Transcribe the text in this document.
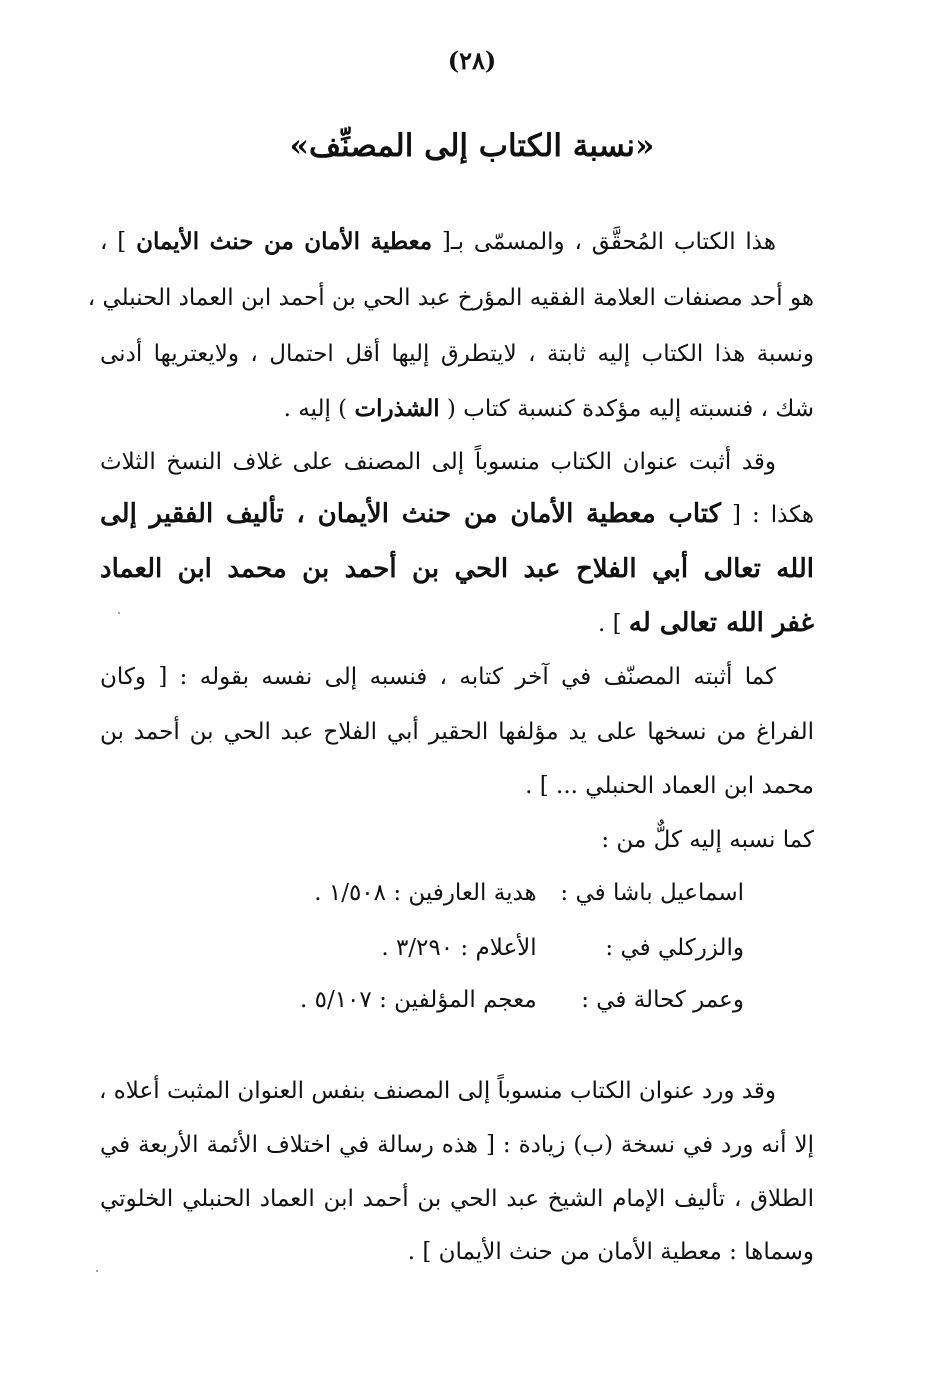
(٢٨)
«نسبة الكتاب إلى المصنِّف»
هذا الكتاب المُحقَّق ، والمسمّى بـ[ معطية الأمان من حنث الأيمان ] ،
هو أحد مصنفات العلامة الفقيه المؤرخ عبد الحي بن أحمد ابن العماد الحنبلي ،
ونسبة هذا الكتاب إليه ثابتة ، لايتطرق إليها أقل احتمال ، ولايعتريها أدنى
شك ، فنسبته إليه مؤكدة كنسبة كتاب ( الشذرات ) إليه .
وقد أثبت عنوان الكتاب منسوباً إلى المصنف على غلاف النسخ الثلاث
هكذا : [ كتاب معطية الأمان من حنث الأيمان ، تأليف الفقير إلى
الله تعالى أبي الفلاح عبد الحي بن أحمد بن محمد ابن العماد
غفر الله تعالى له ] .
كما أثبته المصنّف في آخر كتابه ، فنسبه إلى نفسه بقوله : [ وكان
الفراغ من نسخها على يد مؤلفها الحقير أبي الفلاح عبد الحي بن أحمد بن
محمد ابن العماد الحنبلي ... ] .
كما نسبه إليه كلٌّ من :
اسماعيل باشا في : هدية العارفين : ١/٥٠٨ .
والزركلي في : الأعلام : ٣/٢٩٠ .
وعمر كحالة في : معجم المؤلفين : ٥/١٠٧ .
وقد ورد عنوان الكتاب منسوباً إلى المصنف بنفس العنوان المثبت أعلاه ،
إلا أنه ورد في نسخة (ب) زيادة : [ هذه رسالة في اختلاف الأئمة الأربعة في
الطلاق ، تأليف الإمام الشيخ عبد الحي بن أحمد ابن العماد الحنبلي الخلوتي
وسماها : معطية الأمان من حنث الأيمان ] .
